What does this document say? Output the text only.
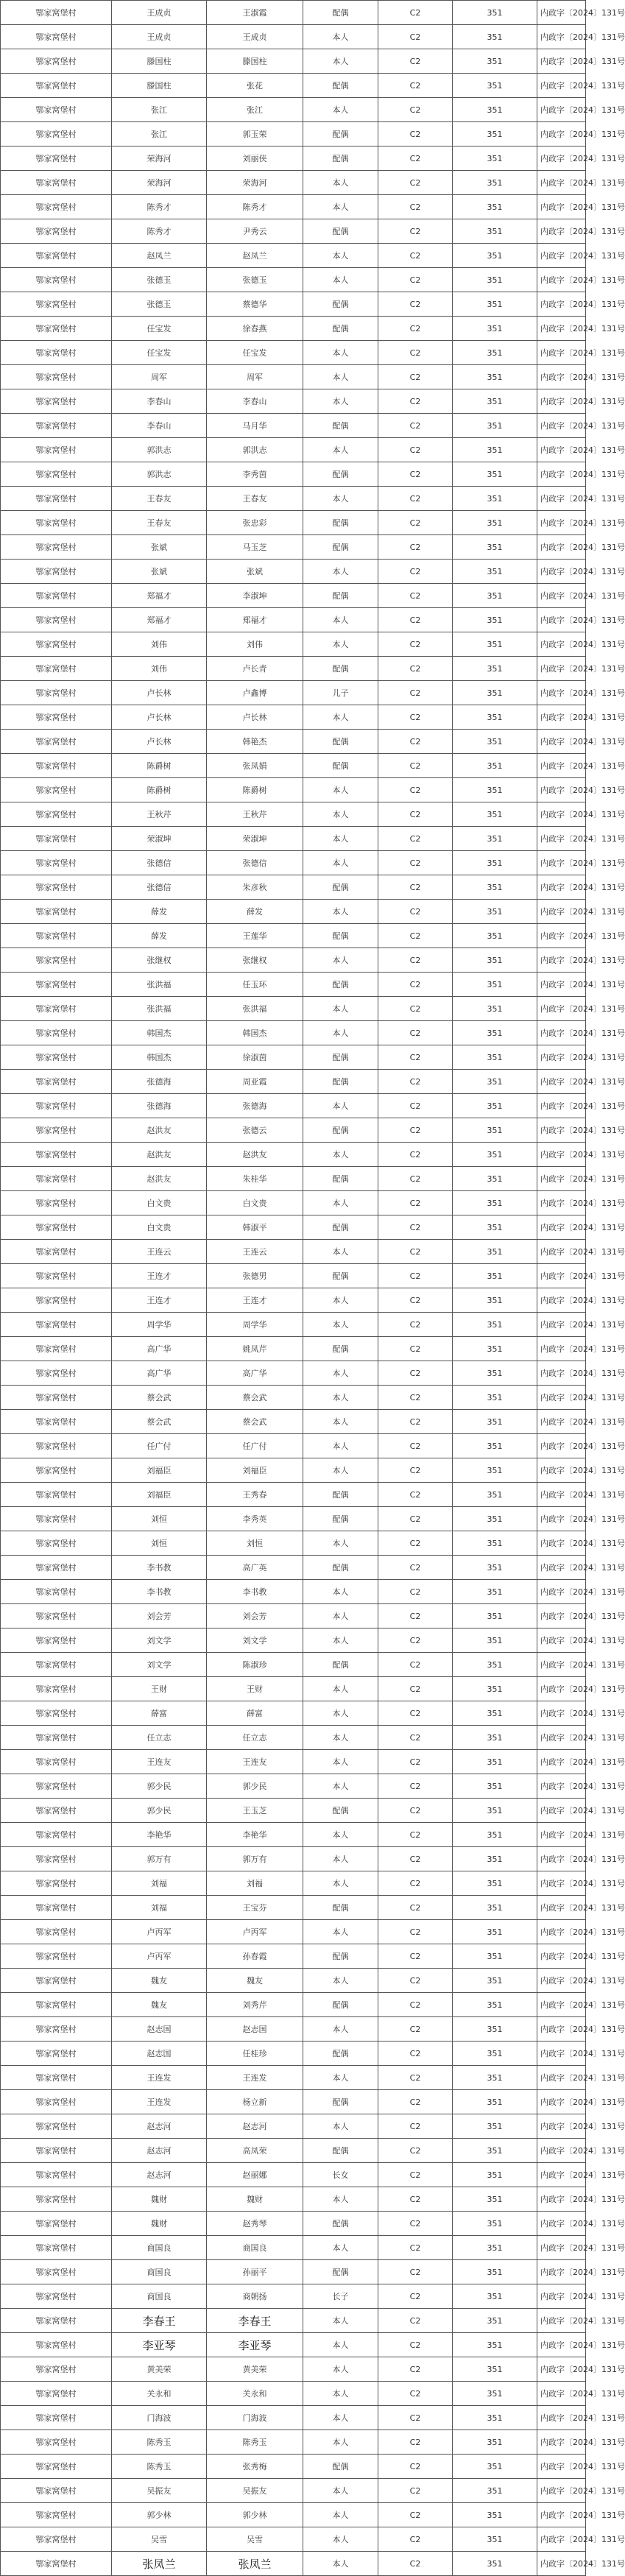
鄂家窝堡村	王成贞	王淑霞	配偶	C2	351	内政字〔2024〕131号
鄂家窝堡村	王成贞	王成贞	本人	C2	351	内政字〔2024〕131号
鄂家窝堡村	滕国柱	滕国柱	本人	C2	351	内政字〔2024〕131号
鄂家窝堡村	滕国柱	张花	配偶	C2	351	内政字〔2024〕131号
鄂家窝堡村	张江	张江	本人	C2	351	内政字〔2024〕131号
鄂家窝堡村	张江	郭玉荣	配偶	C2	351	内政字〔2024〕131号
鄂家窝堡村	荣海河	刘丽侠	配偶	C2	351	内政字〔2024〕131号
鄂家窝堡村	荣海河	荣海河	本人	C2	351	内政字〔2024〕131号
鄂家窝堡村	陈秀才	陈秀才	本人	C2	351	内政字〔2024〕131号
鄂家窝堡村	陈秀才	尹秀云	配偶	C2	351	内政字〔2024〕131号
鄂家窝堡村	赵凤兰	赵凤兰	本人	C2	351	内政字〔2024〕131号
鄂家窝堡村	张德玉	张德玉	本人	C2	351	内政字〔2024〕131号
鄂家窝堡村	张德玉	蔡德华	配偶	C2	351	内政字〔2024〕131号
鄂家窝堡村	任宝发	徐春燕	配偶	C2	351	内政字〔2024〕131号
鄂家窝堡村	任宝发	任宝发	本人	C2	351	内政字〔2024〕131号
鄂家窝堡村	周军	周军	本人	C2	351	内政字〔2024〕131号
鄂家窝堡村	李春山	李春山	本人	C2	351	内政字〔2024〕131号
鄂家窝堡村	李春山	马月华	配偶	C2	351	内政字〔2024〕131号
鄂家窝堡村	郭洪志	郭洪志	本人	C2	351	内政字〔2024〕131号
鄂家窝堡村	郭洪志	李秀茵	配偶	C2	351	内政字〔2024〕131号
鄂家窝堡村	王春友	王春友	本人	C2	351	内政字〔2024〕131号
鄂家窝堡村	王春友	张忠彩	配偶	C2	351	内政字〔2024〕131号
鄂家窝堡村	张斌	马玉芝	配偶	C2	351	内政字〔2024〕131号
鄂家窝堡村	张斌	张斌	本人	C2	351	内政字〔2024〕131号
鄂家窝堡村	郑福才	李淑坤	配偶	C2	351	内政字〔2024〕131号
鄂家窝堡村	郑福才	郑福才	本人	C2	351	内政字〔2024〕131号
鄂家窝堡村	刘伟	刘伟	本人	C2	351	内政字〔2024〕131号
鄂家窝堡村	刘伟	卢长青	配偶	C2	351	内政字〔2024〕131号
鄂家窝堡村	卢长林	卢鑫博	儿子	C2	351	内政字〔2024〕131号
鄂家窝堡村	卢长林	卢长林	本人	C2	351	内政字〔2024〕131号
鄂家窝堡村	卢长林	韩艳杰	配偶	C2	351	内政字〔2024〕131号
鄂家窝堡村	陈爵树	张凤娟	配偶	C2	351	内政字〔2024〕131号
鄂家窝堡村	陈爵树	陈爵树	本人	C2	351	内政字〔2024〕131号
鄂家窝堡村	王秋芹	王秋芹	本人	C2	351	内政字〔2024〕131号
鄂家窝堡村	荣淑坤	荣淑坤	本人	C2	351	内政字〔2024〕131号
鄂家窝堡村	张德信	张德信	本人	C2	351	内政字〔2024〕131号
鄂家窝堡村	张德信	朱彦秋	配偶	C2	351	内政字〔2024〕131号
鄂家窝堡村	薛发	薛发	本人	C2	351	内政字〔2024〕131号
鄂家窝堡村	薛发	王莲华	配偶	C2	351	内政字〔2024〕131号
鄂家窝堡村	张继权	张继权	本人	C2	351	内政字〔2024〕131号
鄂家窝堡村	张洪福	任玉环	配偶	C2	351	内政字〔2024〕131号
鄂家窝堡村	张洪福	张洪福	本人	C2	351	内政字〔2024〕131号
鄂家窝堡村	韩国杰	韩国杰	本人	C2	351	内政字〔2024〕131号
鄂家窝堡村	韩国杰	徐淑茵	配偶	C2	351	内政字〔2024〕131号
鄂家窝堡村	张德海	周亚霞	配偶	C2	351	内政字〔2024〕131号
鄂家窝堡村	张德海	张德海	本人	C2	351	内政字〔2024〕131号
鄂家窝堡村	赵洪友	张德云	配偶	C2	351	内政字〔2024〕131号
鄂家窝堡村	赵洪友	赵洪友	本人	C2	351	内政字〔2024〕131号
鄂家窝堡村	赵洪友	朱桂华	配偶	C2	351	内政字〔2024〕131号
鄂家窝堡村	白文贵	白文贵	本人	C2	351	内政字〔2024〕131号
鄂家窝堡村	白文贵	韩淑平	配偶	C2	351	内政字〔2024〕131号
鄂家窝堡村	王连云	王连云	本人	C2	351	内政字〔2024〕131号
鄂家窝堡村	王连才	张德男	配偶	C2	351	内政字〔2024〕131号
鄂家窝堡村	王连才	王连才	本人	C2	351	内政字〔2024〕131号
鄂家窝堡村	周学华	周学华	本人	C2	351	内政字〔2024〕131号
鄂家窝堡村	高广华	姚凤芹	配偶	C2	351	内政字〔2024〕131号
鄂家窝堡村	高广华	高广华	本人	C2	351	内政字〔2024〕131号
鄂家窝堡村	蔡会武	蔡会武	本人	C2	351	内政字〔2024〕131号
鄂家窝堡村	蔡会武	蔡会武	本人	C2	351	内政字〔2024〕131号
鄂家窝堡村	任广付	任广付	本人	C2	351	内政字〔2024〕131号
鄂家窝堡村	刘福臣	刘福臣	本人	C2	351	内政字〔2024〕131号
鄂家窝堡村	刘福臣	王秀春	配偶	C2	351	内政字〔2024〕131号
鄂家窝堡村	刘恒	李秀英	配偶	C2	351	内政字〔2024〕131号
鄂家窝堡村	刘恒	刘恒	本人	C2	351	内政字〔2024〕131号
鄂家窝堡村	李书教	高广英	配偶	C2	351	内政字〔2024〕131号
鄂家窝堡村	李书教	李书教	本人	C2	351	内政字〔2024〕131号
鄂家窝堡村	刘会芳	刘会芳	本人	C2	351	内政字〔2024〕131号
鄂家窝堡村	刘文学	刘文学	本人	C2	351	内政字〔2024〕131号
鄂家窝堡村	刘文学	陈淑珍	配偶	C2	351	内政字〔2024〕131号
鄂家窝堡村	王财	王财	本人	C2	351	内政字〔2024〕131号
鄂家窝堡村	薛富	薛富	本人	C2	351	内政字〔2024〕131号
鄂家窝堡村	任立志	任立志	本人	C2	351	内政字〔2024〕131号
鄂家窝堡村	王连友	王连友	本人	C2	351	内政字〔2024〕131号
鄂家窝堡村	郭少民	郭少民	本人	C2	351	内政字〔2024〕131号
鄂家窝堡村	郭少民	王玉芝	配偶	C2	351	内政字〔2024〕131号
鄂家窝堡村	李艳华	李艳华	本人	C2	351	内政字〔2024〕131号
鄂家窝堡村	郭万有	郭万有	本人	C2	351	内政字〔2024〕131号
鄂家窝堡村	刘福	刘福	本人	C2	351	内政字〔2024〕131号
鄂家窝堡村	刘福	王宝芬	配偶	C2	351	内政字〔2024〕131号
鄂家窝堡村	卢丙军	卢丙军	本人	C2	351	内政字〔2024〕131号
鄂家窝堡村	卢丙军	孙春霞	配偶	C2	351	内政字〔2024〕131号
鄂家窝堡村	魏友	魏友	本人	C2	351	内政字〔2024〕131号
鄂家窝堡村	魏友	刘秀芹	配偶	C2	351	内政字〔2024〕131号
鄂家窝堡村	赵志国	赵志国	本人	C2	351	内政字〔2024〕131号
鄂家窝堡村	赵志国	任桂珍	配偶	C2	351	内政字〔2024〕131号
鄂家窝堡村	王连发	王连发	本人	C2	351	内政字〔2024〕131号
鄂家窝堡村	王连发	杨立新	配偶	C2	351	内政字〔2024〕131号
鄂家窝堡村	赵志河	赵志河	本人	C2	351	内政字〔2024〕131号
鄂家窝堡村	赵志河	高凤荣	配偶	C2	351	内政字〔2024〕131号
鄂家窝堡村	赵志河	赵丽娜	长女	C2	351	内政字〔2024〕131号
鄂家窝堡村	魏财	魏财	本人	C2	351	内政字〔2024〕131号
鄂家窝堡村	魏财	赵秀琴	配偶	C2	351	内政字〔2024〕131号
鄂家窝堡村	商国良	商国良	本人	C2	351	内政字〔2024〕131号
鄂家窝堡村	商国良	孙丽平	配偶	C2	351	内政字〔2024〕131号
鄂家窝堡村	商国良	商朝扬	长子	C2	351	内政字〔2024〕131号
鄂家窝堡村	李春王	李春王	本人	C2	351	内政字〔2024〕131号
鄂家窝堡村	李亚琴	李亚琴	本人	C2	351	内政字〔2024〕131号
鄂家窝堡村	黄美荣	黄美荣	本人	C2	351	内政字〔2024〕131号
鄂家窝堡村	关永和	关永和	本人	C2	351	内政字〔2024〕131号
鄂家窝堡村	门海波	门海波	本人	C2	351	内政字〔2024〕131号
鄂家窝堡村	陈秀玉	陈秀玉	本人	C2	351	内政字〔2024〕131号
鄂家窝堡村	陈秀玉	张秀梅	配偶	C2	351	内政字〔2024〕131号
鄂家窝堡村	吴振友	吴振友	本人	C2	351	内政字〔2024〕131号
鄂家窝堡村	郭少林	郭少林	本人	C2	351	内政字〔2024〕131号
鄂家窝堡村	吴雪	吴雪	本人	C2	351	内政字〔2024〕131号
鄂家窝堡村	张凤兰	张凤兰	本人	C2	351	内政字〔2024〕131号
